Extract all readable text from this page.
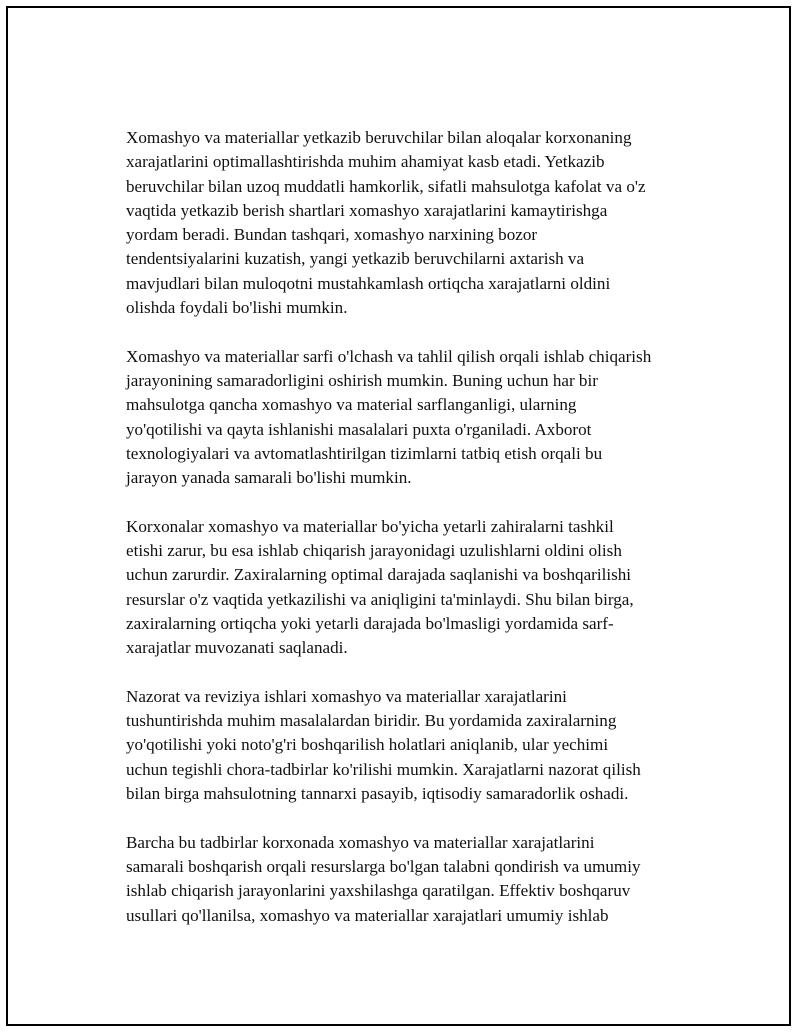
Xomashyo va materiallar yetkazib beruvchilar bilan aloqalar korxonaning
xarajatlarini optimallashtirishda muhim ahamiyat kasb etadi. Yetkazib
beruvchilar bilan uzoq muddatli hamkorlik, sifatli mahsulotga kafolat va o'z
vaqtida yetkazib berish shartlari xomashyo xarajatlarini kamaytirishga
yordam beradi. Bundan tashqari, xomashyo narxining bozor
tendentsiyalarini kuzatish, yangi yetkazib beruvchilarni axtarish va
mavjudlari bilan muloqotni mustahkamlash ortiqcha xarajatlarni oldini
olishda foydali bo'lishi mumkin.

Xomashyo va materiallar sarfi o'lchash va tahlil qilish orqali ishlab chiqarish
jarayonining samaradorligini oshirish mumkin. Buning uchun har bir
mahsulotga qancha xomashyo va material sarflanganligi, ularning
yo'qotilishi va qayta ishlanishi masalalari puxta o'rganiladi. Axborot
texnologiyalari va avtomatlashtirilgan tizimlarni tatbiq etish orqali bu
jarayon yanada samarali bo'lishi mumkin.

Korxonalar xomashyo va materiallar bo'yicha yetarli zahiralarni tashkil
etishi zarur, bu esa ishlab chiqarish jarayonidagi uzulishlarni oldini olish
uchun zarurdir. Zaxiralarning optimal darajada saqlanishi va boshqarilishi
resurslar o'z vaqtida yetkazilishi va aniqligini ta'minlaydi. Shu bilan birga,
zaxiralarning ortiqcha yoki yetarli darajada bo'lmasligi yordamida sarf-
xarajatlar muvozanati saqlanadi.

Nazorat va reviziya ishlari xomashyo va materiallar xarajatlarini
tushuntirishda muhim masalalardan biridir. Bu yordamida zaxiralarning
yo'qotilishi yoki noto'g'ri boshqarilish holatlari aniqlanib, ular yechimi
uchun tegishli chora-tadbirlar ko'rilishi mumkin. Xarajatlarni nazorat qilish
bilan birga mahsulotning tannarxi pasayib, iqtisodiy samaradorlik oshadi.

Barcha bu tadbirlar korxonada xomashyo va materiallar xarajatlarini
samarali boshqarish orqali resurslarga bo'lgan talabni qondirish va umumiy
ishlab chiqarish jarayonlarini yaxshilashga qaratilgan. Effektiv boshqaruv
usullari qo'llanilsa, xomashyo va materiallar xarajatlari umumiy ishlab
